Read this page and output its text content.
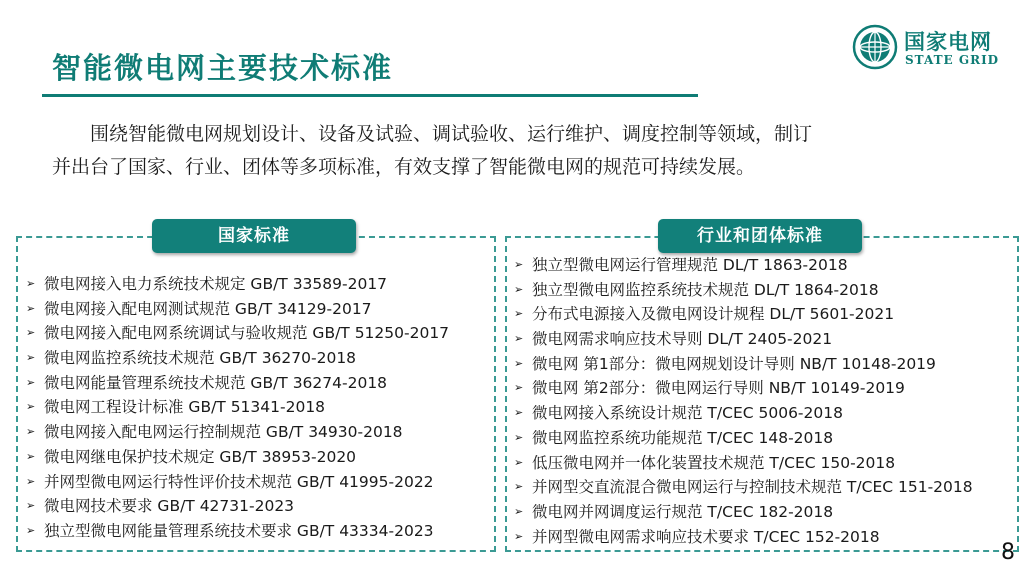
智能微电网主要技术标准
国家电网
STATE GRID

围绕智能微电网规划设计、设备及试验、调试验收、运行维护、调度控制等领域，制订

并出台了国家、行业、团体等多项标准，有效支撑了智能微电网的规范可持续发展。

国家标准	行业和团体标准
➢ 微电网接入电力系统技术规定 GB/T 33589-2017
➢ 微电网接入配电网测试规范 GB/T 34129-2017
➢ 微电网接入配电网系统调试与验收规范 GB/T 51250-2017
➢ 微电网监控系统技术规范 GB/T 36270-2018
➢ 微电网能量管理系统技术规范 GB/T 36274-2018
➢ 微电网工程设计标准 GB/T 51341-2018
➢ 微电网接入配电网运行控制规范 GB/T 34930-2018
➢ 微电网继电保护技术规定 GB/T 38953-2020
➢ 并网型微电网运行特性评价技术规范 GB/T 41995-2022
➢ 微电网技术要求 GB/T 42731-2023
➢ 独立型微电网能量管理系统技术要求 GB/T 43334-2023
➢ 独立型微电网运行管理规范 DL/T 1863-2018
➢ 独立型微电网监控系统技术规范 DL/T 1864-2018
➢ 分布式电源接入及微电网设计规程 DL/T 5601-2021
➢ 微电网需求响应技术导则 DL/T 2405-2021
➢ 微电网 第1部分：微电网规划设计导则 NB/T 10148-2019
➢ 微电网 第2部分：微电网运行导则 NB/T 10149-2019
➢ 微电网接入系统设计规范 T/CEC 5006-2018
➢ 微电网监控系统功能规范 T/CEC 148-2018
➢ 低压微电网并一体化装置技术规范 T/CEC 150-2018
➢ 并网型交直流混合微电网运行与控制技术规范 T/CEC 151-2018
➢ 微电网并网调度运行规范 T/CEC 182-2018
➢ 并网型微电网需求响应技术要求 T/CEC 152-2018
8
